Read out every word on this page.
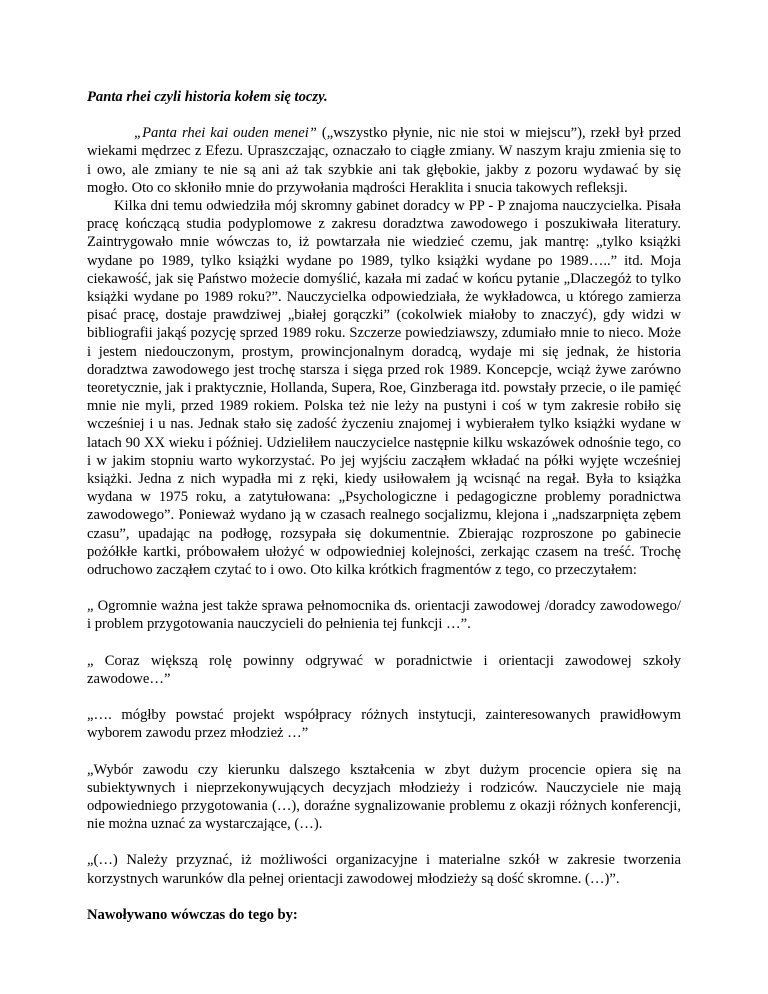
Panta rhei czyli historia kołem się toczy.

„Panta rhei kai ouden menei” („wszystko płynie, nic nie stoi w miejscu”), rzekł był przed wiekami mędrzec z Efezu. Upraszczając, oznaczało to ciągłe zmiany. W naszym kraju zmienia się to i owo, ale zmiany te nie są ani aż tak szybkie ani tak głębokie, jakby z pozoru wydawać by się mogło. Oto co skłoniło mnie do przywołania mądrości Heraklita i snucia takowych refleksji.

Kilka dni temu odwiedziła mój skromny gabinet doradcy w PP - P znajoma nauczycielka. Pisała pracę kończącą studia podyplomowe z zakresu doradztwa zawodowego i poszukiwała literatury. Zaintrygowało mnie wówczas to, iż powtarzała nie wiedzieć czemu, jak mantrę: „tylko książki wydane po 1989, tylko książki wydane po 1989, tylko książki wydane po 1989…..” itd. Moja ciekawość, jak się Państwo możecie domyślić, kazała mi zadać w końcu pytanie „Dlaczegóż to tylko książki wydane po 1989 roku?”. Nauczycielka odpowiedziała, że wykładowca, u którego zamierza pisać pracę, dostaje prawdziwej „białej gorączki” (cokolwiek miałoby to znaczyć), gdy widzi w bibliografii jakąś pozycję sprzed 1989 roku. Szczerze powiedziawszy, zdumiało mnie to nieco. Może i jestem niedouczonym, prostym, prowincjonalnym doradcą, wydaje mi się jednak, że historia doradztwa zawodowego jest trochę starsza i sięga przed rok 1989. Koncepcje, wciąż żywe zarówno teoretycznie, jak i praktycznie, Hollanda, Supera, Roe, Ginzberaga itd. powstały przecie, o ile pamięć mnie nie myli, przed 1989 rokiem. Polska też nie leży na pustyni i coś w tym zakresie robiło się wcześniej i u nas. Jednak stało się zadość życzeniu znajomej i wybierałem tylko książki wydane w latach 90 XX wieku i później. Udzieliłem nauczycielce następnie kilku wskazówek odnośnie tego, co i w jakim stopniu warto wykorzystać. Po jej wyjściu zacząłem wkładać na półki wyjęte wcześniej książki. Jedna z nich wypadła mi z ręki, kiedy usiłowałem ją wcisnąć na regał. Była to książka wydana w 1975 roku, a zatytułowana: „Psychologiczne i pedagogiczne problemy poradnictwa zawodowego”. Ponieważ wydano ją w czasach realnego socjalizmu, klejona i „nadszarpnięta zębem czasu”, upadając na podłogę, rozsypała się dokumentnie. Zbierając rozproszone po gabinecie pożółkłe kartki, próbowałem ułożyć w odpowiedniej kolejności, zerkając czasem na treść. Trochę odruchowo zacząłem czytać to i owo. Oto kilka krótkich fragmentów z tego, co przeczytałem:

„ Ogromnie ważna jest także sprawa pełnomocnika ds. orientacji zawodowej /doradcy zawodowego/ i problem przygotowania nauczycieli do pełnienia tej funkcji …”.

„ Coraz większą rolę powinny odgrywać w poradnictwie i orientacji zawodowej szkoły zawodowe…”

„…. mógłby powstać projekt współpracy różnych instytucji, zainteresowanych prawidłowym wyborem zawodu przez młodzież …”

„Wybór zawodu czy kierunku dalszego kształcenia w zbyt dużym procencie opiera się na subiektywnych i nieprzekonywujących decyzjach młodzieży i rodziców. Nauczyciele nie mają odpowiedniego przygotowania (…), doraźne sygnalizowanie problemu z okazji różnych konferencji, nie można uznać za wystarczające, (…).

„(…) Należy przyznać, iż możliwości organizacyjne i materialne szkół w zakresie tworzenia korzystnych warunków dla pełnej orientacji zawodowej młodzieży są dość skromne. (…)”.

Nawoływano wówczas do tego by:
